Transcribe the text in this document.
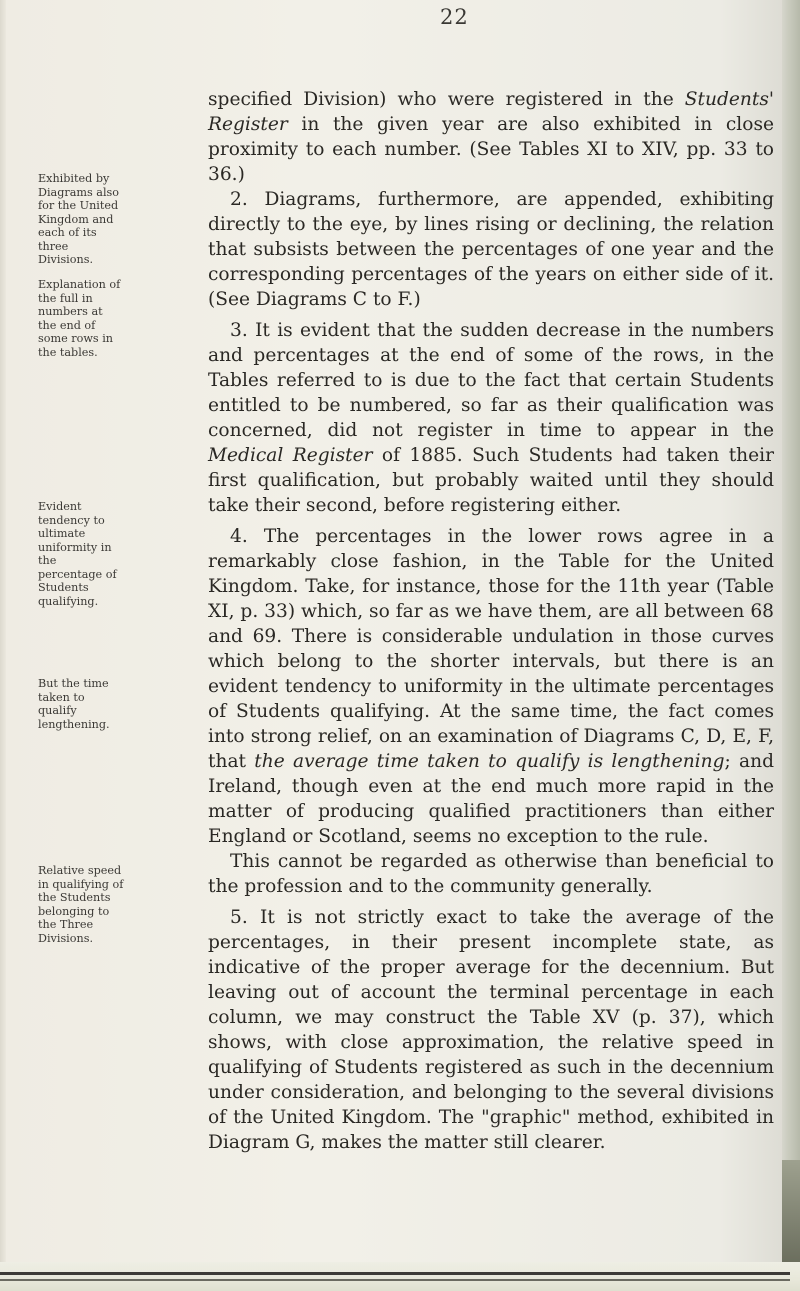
22
Exhibited by Diagrams also for the United Kingdom and each of its three Divisions.
Explanation of the full in numbers at the end of some rows in the tables.
Evident tendency to ultimate uniformity in the percentage of Students qualifying.
But the time taken to qualify lengthening.
Relative speed in qualifying of the Students belonging to the Three Divisions.

specified Division) who were registered in the Students' Register in the given year are also exhibited in close proximity to each number. (See Tables XI to XIV, pp. 33 to 36.)

2. Diagrams, furthermore, are appended, exhibiting directly to the eye, by lines rising or declining, the relation that subsists between the percentages of one year and the corresponding percentages of the years on either side of it. (See Diagrams C to F.)

3. It is evident that the sudden decrease in the numbers and percentages at the end of some of the rows, in the Tables referred to is due to the fact that certain Students entitled to be numbered, so far as their qualification was concerned, did not register in time to appear in the Medical Register of 1885. Such Students had taken their first qualification, but probably waited until they should take their second, before registering either.

4. The percentages in the lower rows agree in a remarkably close fashion, in the Table for the United Kingdom. Take, for instance, those for the 11th year (Table XI, p. 33) which, so far as we have them, are all between 68 and 69. There is considerable undulation in those curves which belong to the shorter intervals, but there is an evident tendency to uniformity in the ultimate percentages of Students qualifying. At the same time, the fact comes into strong relief, on an examination of Diagrams C, D, E, F, that the average time taken to qualify is lengthening; and Ireland, though even at the end much more rapid in the matter of producing qualified practitioners than either England or Scotland, seems no exception to the rule.

This cannot be regarded as otherwise than beneficial to the profession and to the community generally.

5. It is not strictly exact to take the average of the percentages, in their present incomplete state, as indicative of the proper average for the decennium. But leaving out of account the terminal percentage in each column, we may construct the Table XV (p. 37), which shows, with close approximation, the relative speed in qualifying of Students registered as such in the decennium under consideration, and belonging to the several divisions of the United Kingdom. The "graphic" method, exhibited in Diagram G, makes the matter still clearer.
